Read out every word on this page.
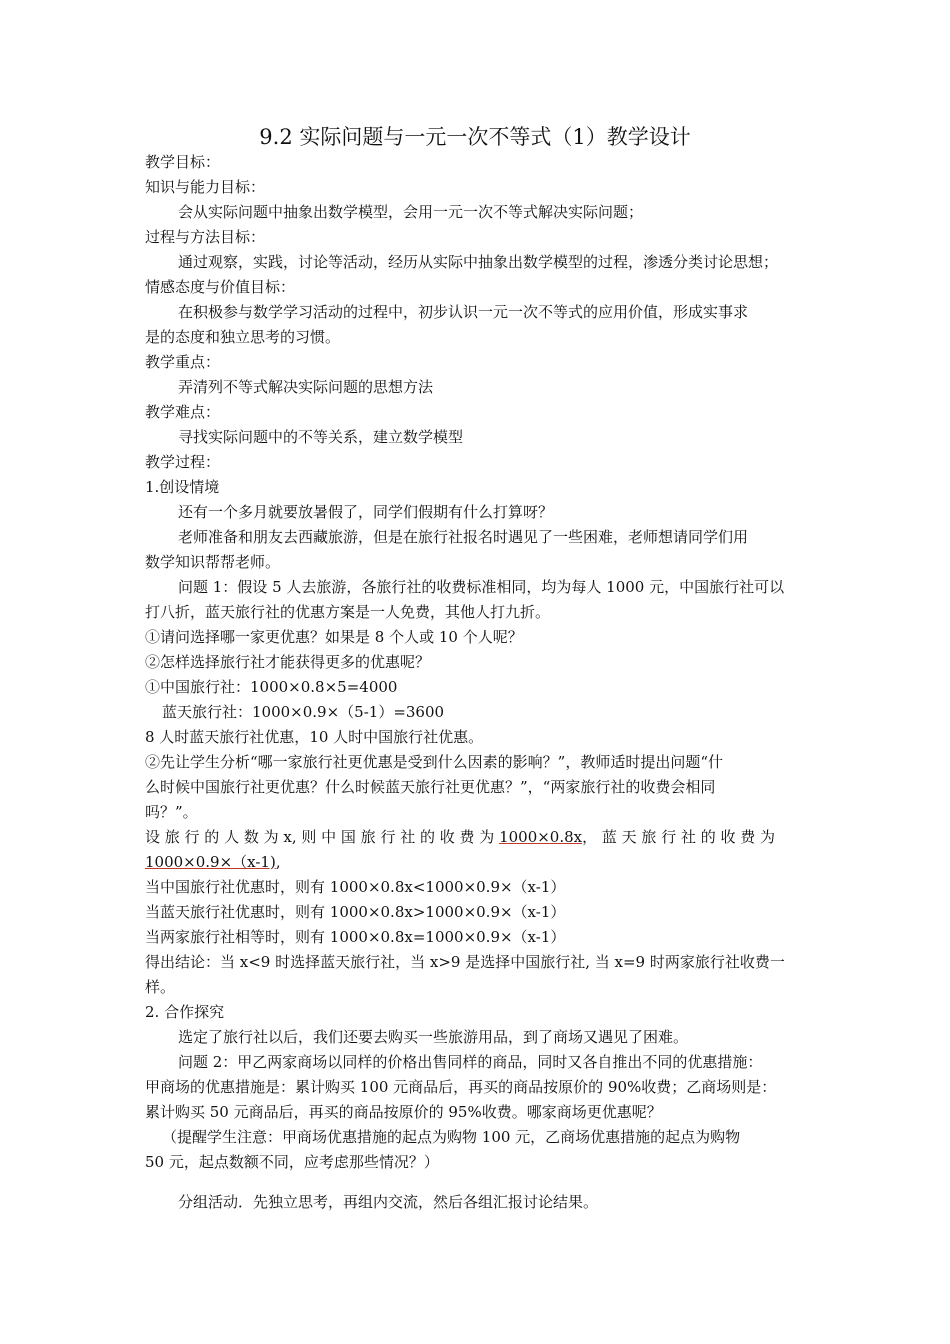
9.2 实际问题与一元一次不等式（1）教学设计
教学目标：
知识与能力目标：
会从实际问题中抽象出数学模型，会用一元一次不等式解决实际问题；
过程与方法目标：
通过观察，实践，讨论等活动，经历从实际中抽象出数学模型的过程，渗透分类讨论思想；
情感态度与价值目标：
在积极参与数学学习活动的过程中，初步认识一元一次不等式的应用价值，形成实事求
是的态度和独立思考的习惯。
教学重点：
弄清列不等式解决实际问题的思想方法
教学难点：
寻找实际问题中的不等关系，建立数学模型
教学过程：
1.创设情境
还有一个多月就要放暑假了，同学们假期有什么打算呀？
老师准备和朋友去西藏旅游，但是在旅行社报名时遇见了一些困难，老师想请同学们用
数学知识帮帮老师。
问题 1：假设 5 人去旅游，各旅行社的收费标准相同，均为每人 1000 元，中国旅行社可以
打八折，蓝天旅行社的优惠方案是一人免费，其他人打九折。
①请问选择哪一家更优惠？如果是 8 个人或 10 个人呢？
②怎样选择旅行社才能获得更多的优惠呢？
①中国旅行社：1000×0.8×5=4000
蓝天旅行社：1000×0.9×（5-1）=3600
8 人时蓝天旅行社优惠，10 人时中国旅行社优惠。
②先让学生分析“哪一家旅行社更优惠是受到什么因素的影响？”，教师适时提出问题“什
么时候中国旅行社更优惠？什么时候蓝天旅行社更优惠？”，“两家旅行社的收费会相同
吗？”。
设 旅 行 的 人 数 为 x, 则 中 国 旅 行 社 的 收 费 为 1000×0.8x， 蓝 天 旅 行 社 的 收 费 为
1000×0.9×（x-1),
当中国旅行社优惠时，则有 1000×0.8x<1000×0.9×（x-1）
当蓝天旅行社优惠时，则有 1000×0.8x>1000×0.9×（x-1）
当两家旅行社相等时，则有 1000×0.8x=1000×0.9×（x-1）
得出结论：当 x<9 时选择蓝天旅行社，当 x>9 是选择中国旅行社, 当 x=9 时两家旅行社收费一
样。
2. 合作探究
选定了旅行社以后，我们还要去购买一些旅游用品，到了商场又遇见了困难。
问题 2：甲乙两家商场以同样的价格出售同样的商品，同时又各自推出不同的优惠措施：
甲商场的优惠措施是：累计购买 100 元商品后，再买的商品按原价的 90%收费；乙商场则是：
累计购买 50 元商品后，再买的商品按原价的 95%收费。哪家商场更优惠呢？
（提醒学生注意：甲商场优惠措施的起点为购物 100 元，乙商场优惠措施的起点为购物
50 元，起点数额不同，应考虑那些情况？）
分组活动．先独立思考，再组内交流，然后各组汇报讨论结果。
